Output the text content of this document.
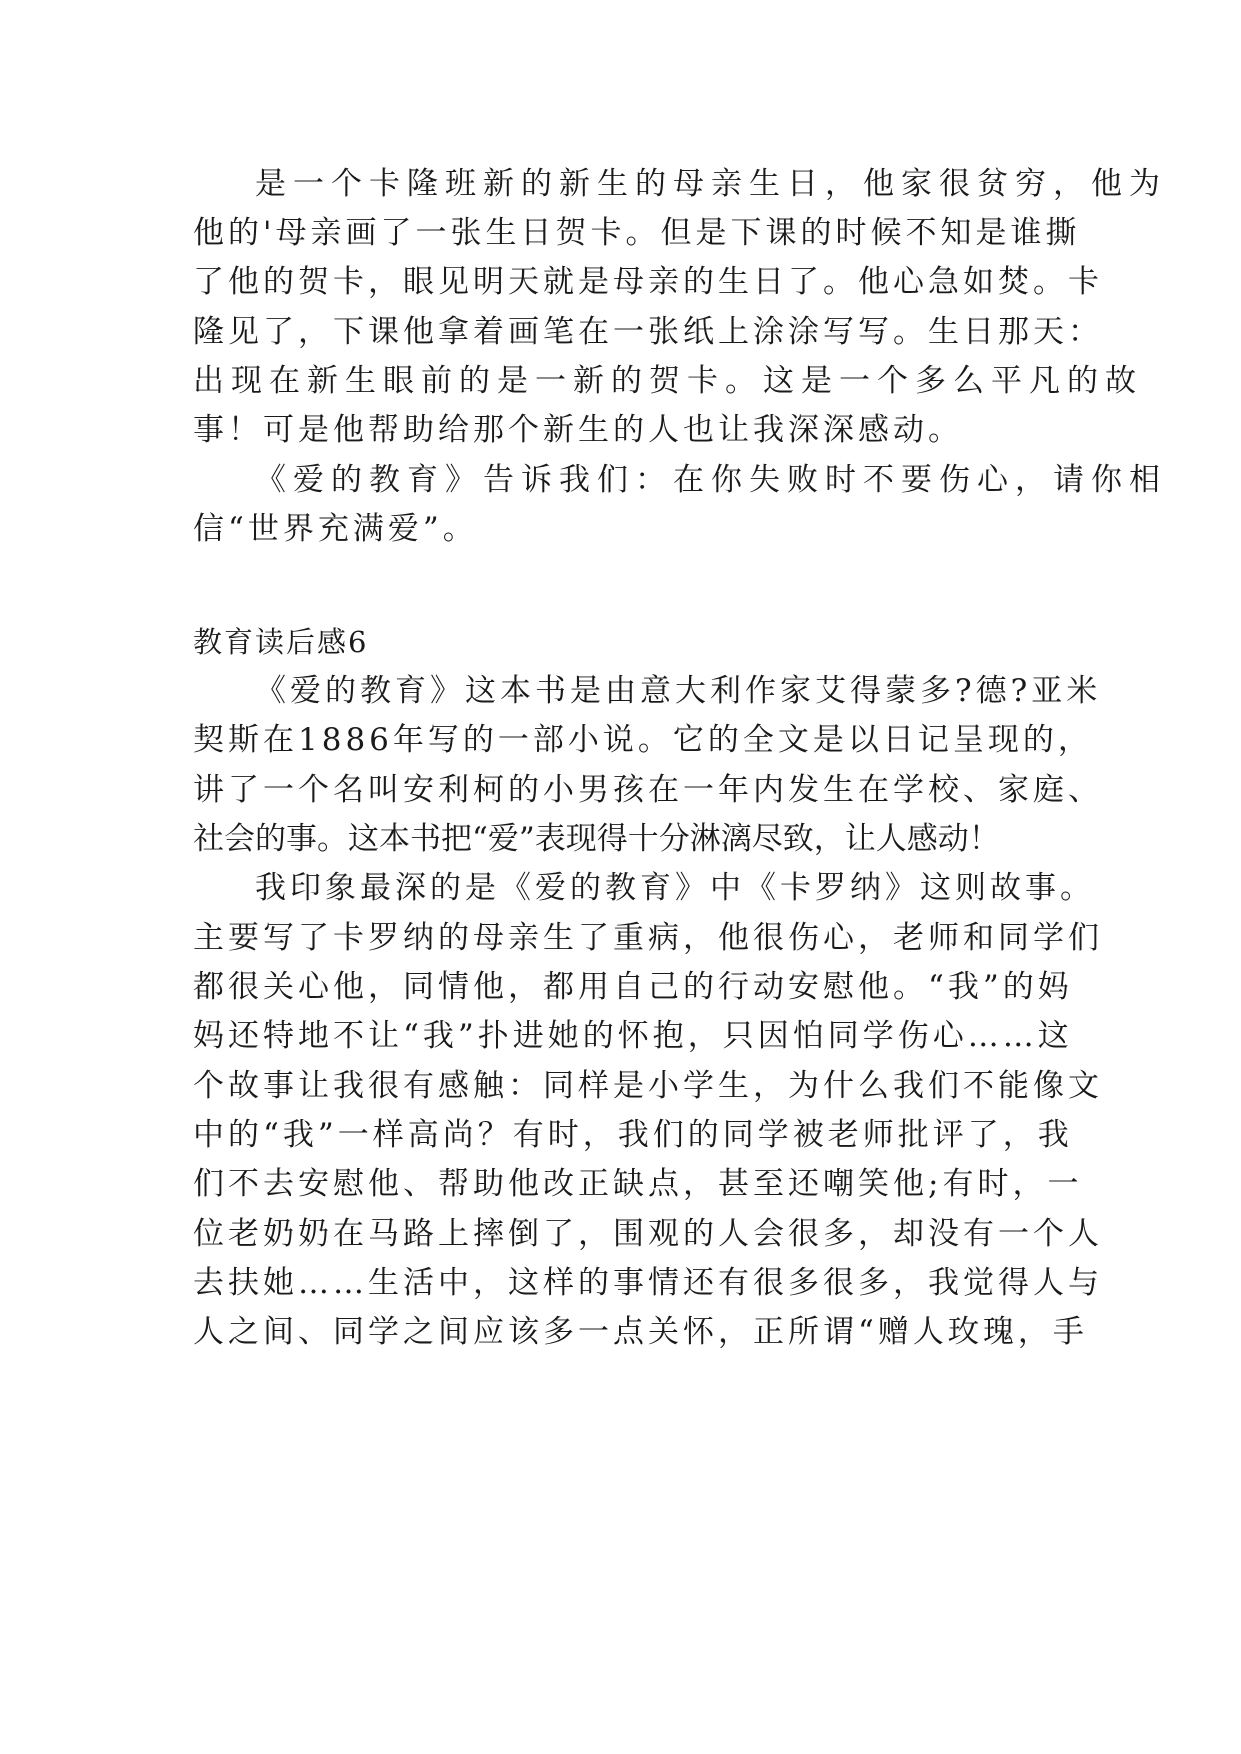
是一个卡隆班新的新生的母亲生日，他家很贫穷，他为
他的'母亲画了一张生日贺卡。但是下课的时候不知是谁撕
了他的贺卡，眼见明天就是母亲的生日了。他心急如焚。卡
隆见了，下课他拿着画笔在一张纸上涂涂写写。生日那天：
出现在新生眼前的是一新的贺卡。这是一个多么平凡的故
事！可是他帮助给那个新生的人也让我深深感动。
《爱的教育》告诉我们：在你失败时不要伤心，请你相
信“世界充满爱”。
教育读后感6
《爱的教育》这本书是由意大利作家艾得蒙多?德?亚米
契斯在1886年写的一部小说。它的全文是以日记呈现的，
讲了一个名叫安利柯的小男孩在一年内发生在学校、家庭、
社会的事。这本书把“爱”表现得十分淋漓尽致，让人感动！
我印象最深的是《爱的教育》中《卡罗纳》这则故事。
主要写了卡罗纳的母亲生了重病，他很伤心，老师和同学们
都很关心他，同情他，都用自己的行动安慰他。“我”的妈
妈还特地不让“我”扑进她的怀抱，只因怕同学伤心……这
个故事让我很有感触：同样是小学生，为什么我们不能像文
中的“我”一样高尚？有时，我们的同学被老师批评了，我
们不去安慰他、帮助他改正缺点，甚至还嘲笑他;有时，一
位老奶奶在马路上摔倒了，围观的人会很多，却没有一个人
去扶她……生活中，这样的事情还有很多很多，我觉得人与
人之间、同学之间应该多一点关怀，正所谓“赠人玫瑰，手
